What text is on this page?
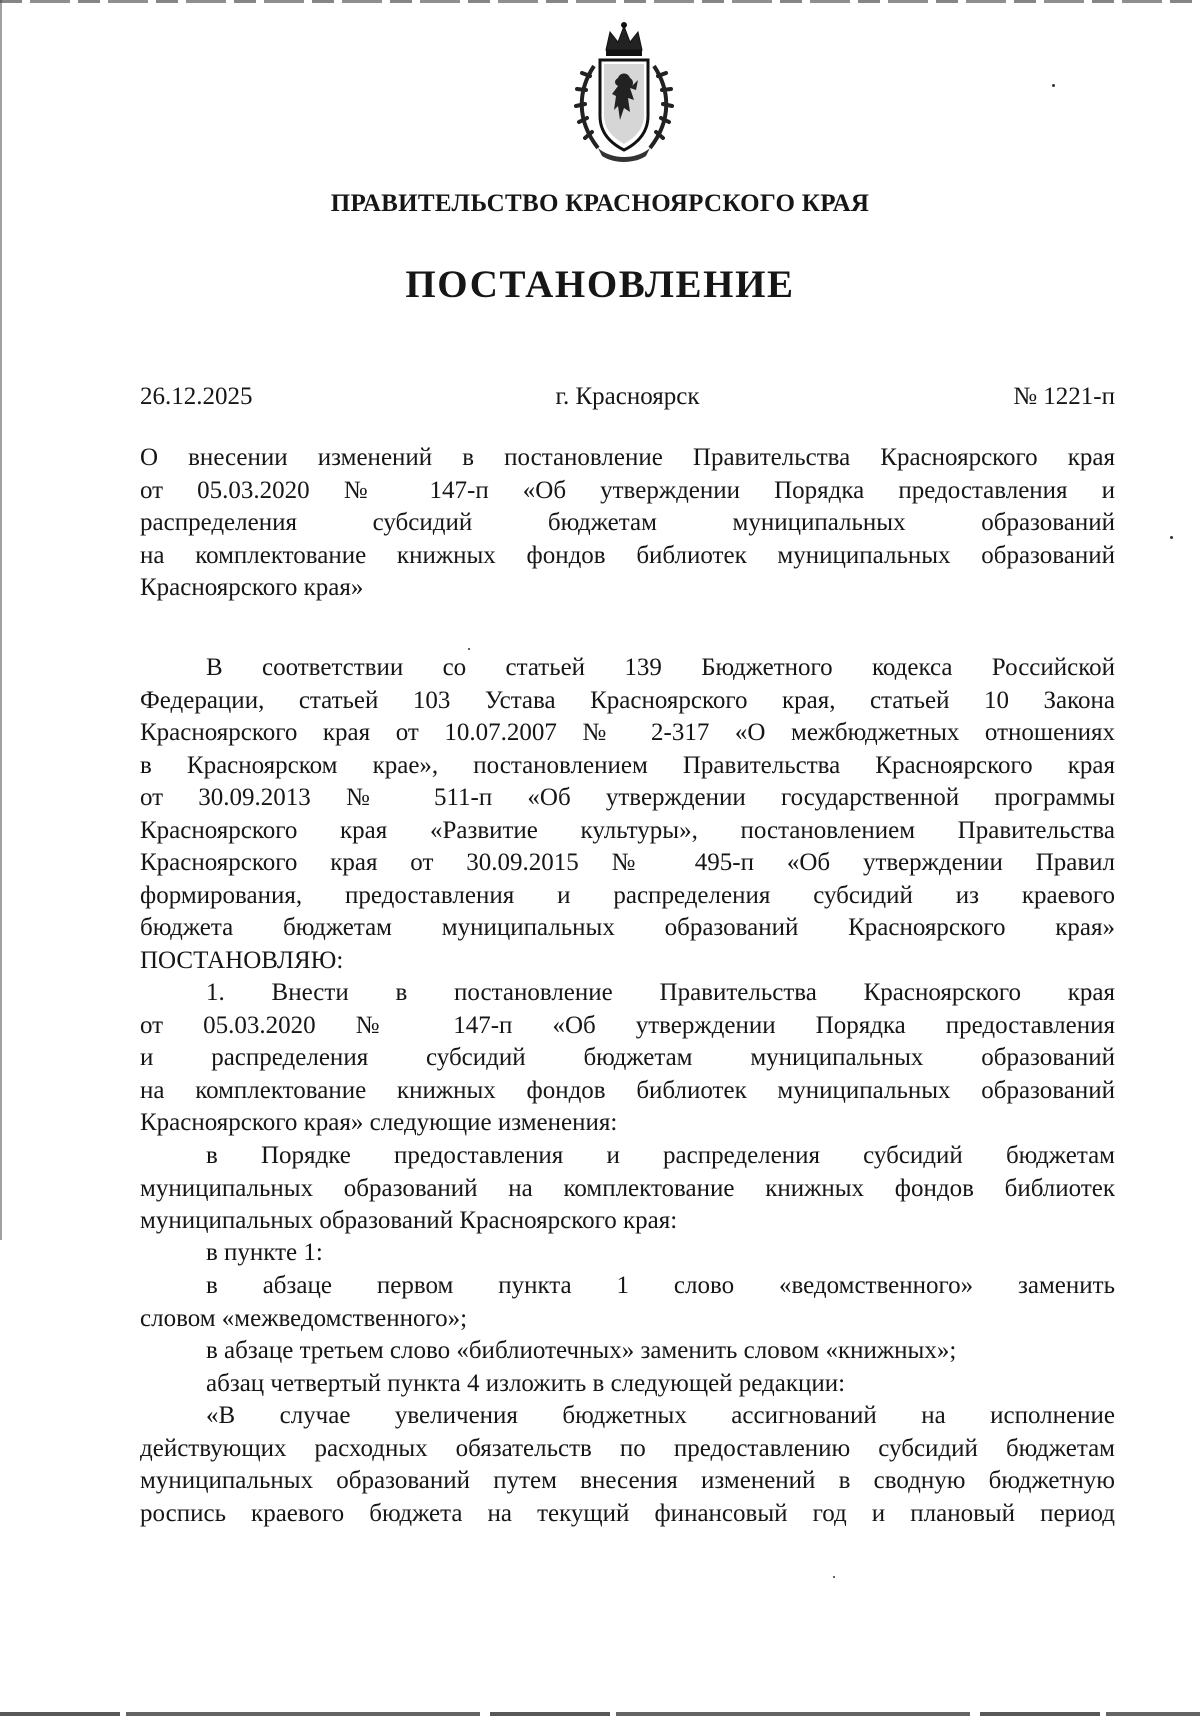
ПРАВИТЕЛЬСТВО КРАСНОЯРСКОГО КРАЯ
ПОСТАНОВЛЕНИЕ
г. Красноярск
26.12.2025	№ 1221-п
О внесении изменений в постановление Правительства Красноярского края
от 05.03.2020 № 147-п «Об утверждении Порядка предоставления и
распределения субсидий бюджетам муниципальных образований
на комплектование книжных фондов библиотек муниципальных образований
Красноярского края»
В соответствии со статьей 139 Бюджетного кодекса Российской
Федерации, статьей 103 Устава Красноярского края, статьей 10 Закона
Красноярского края от 10.07.2007 № 2-317 «О межбюджетных отношениях
в Красноярском крае», постановлением Правительства Красноярского края
от 30.09.2013 № 511-п «Об утверждении государственной программы
Красноярского края «Развитие культуры», постановлением Правительства
Красноярского края от 30.09.2015 № 495-п «Об утверждении Правил
формирования, предоставления и распределения субсидий из краевого
бюджета бюджетам муниципальных образований Красноярского края»
ПОСТАНОВЛЯЮ:
1. Внести в постановление Правительства Красноярского края
от 05.03.2020 № 147-п «Об утверждении Порядка предоставления
и распределения субсидий бюджетам муниципальных образований
на комплектование книжных фондов библиотек муниципальных образований
Красноярского края» следующие изменения:
в Порядке предоставления и распределения субсидий бюджетам
муниципальных образований на комплектование книжных фондов библиотек
муниципальных образований Красноярского края:
в пункте 1:
в абзаце первом пункта 1 слово «ведомственного» заменить
словом «межведомственного»;
в абзаце третьем слово «библиотечных» заменить словом «книжных»;
абзац четвертый пункта 4 изложить в следующей редакции:
«В случае увеличения бюджетных ассигнований на исполнение
действующих расходных обязательств по предоставлению субсидий бюджетам
муниципальных образований путем внесения изменений в сводную бюджетную
роспись краевого бюджета на текущий финансовый год и плановый период
